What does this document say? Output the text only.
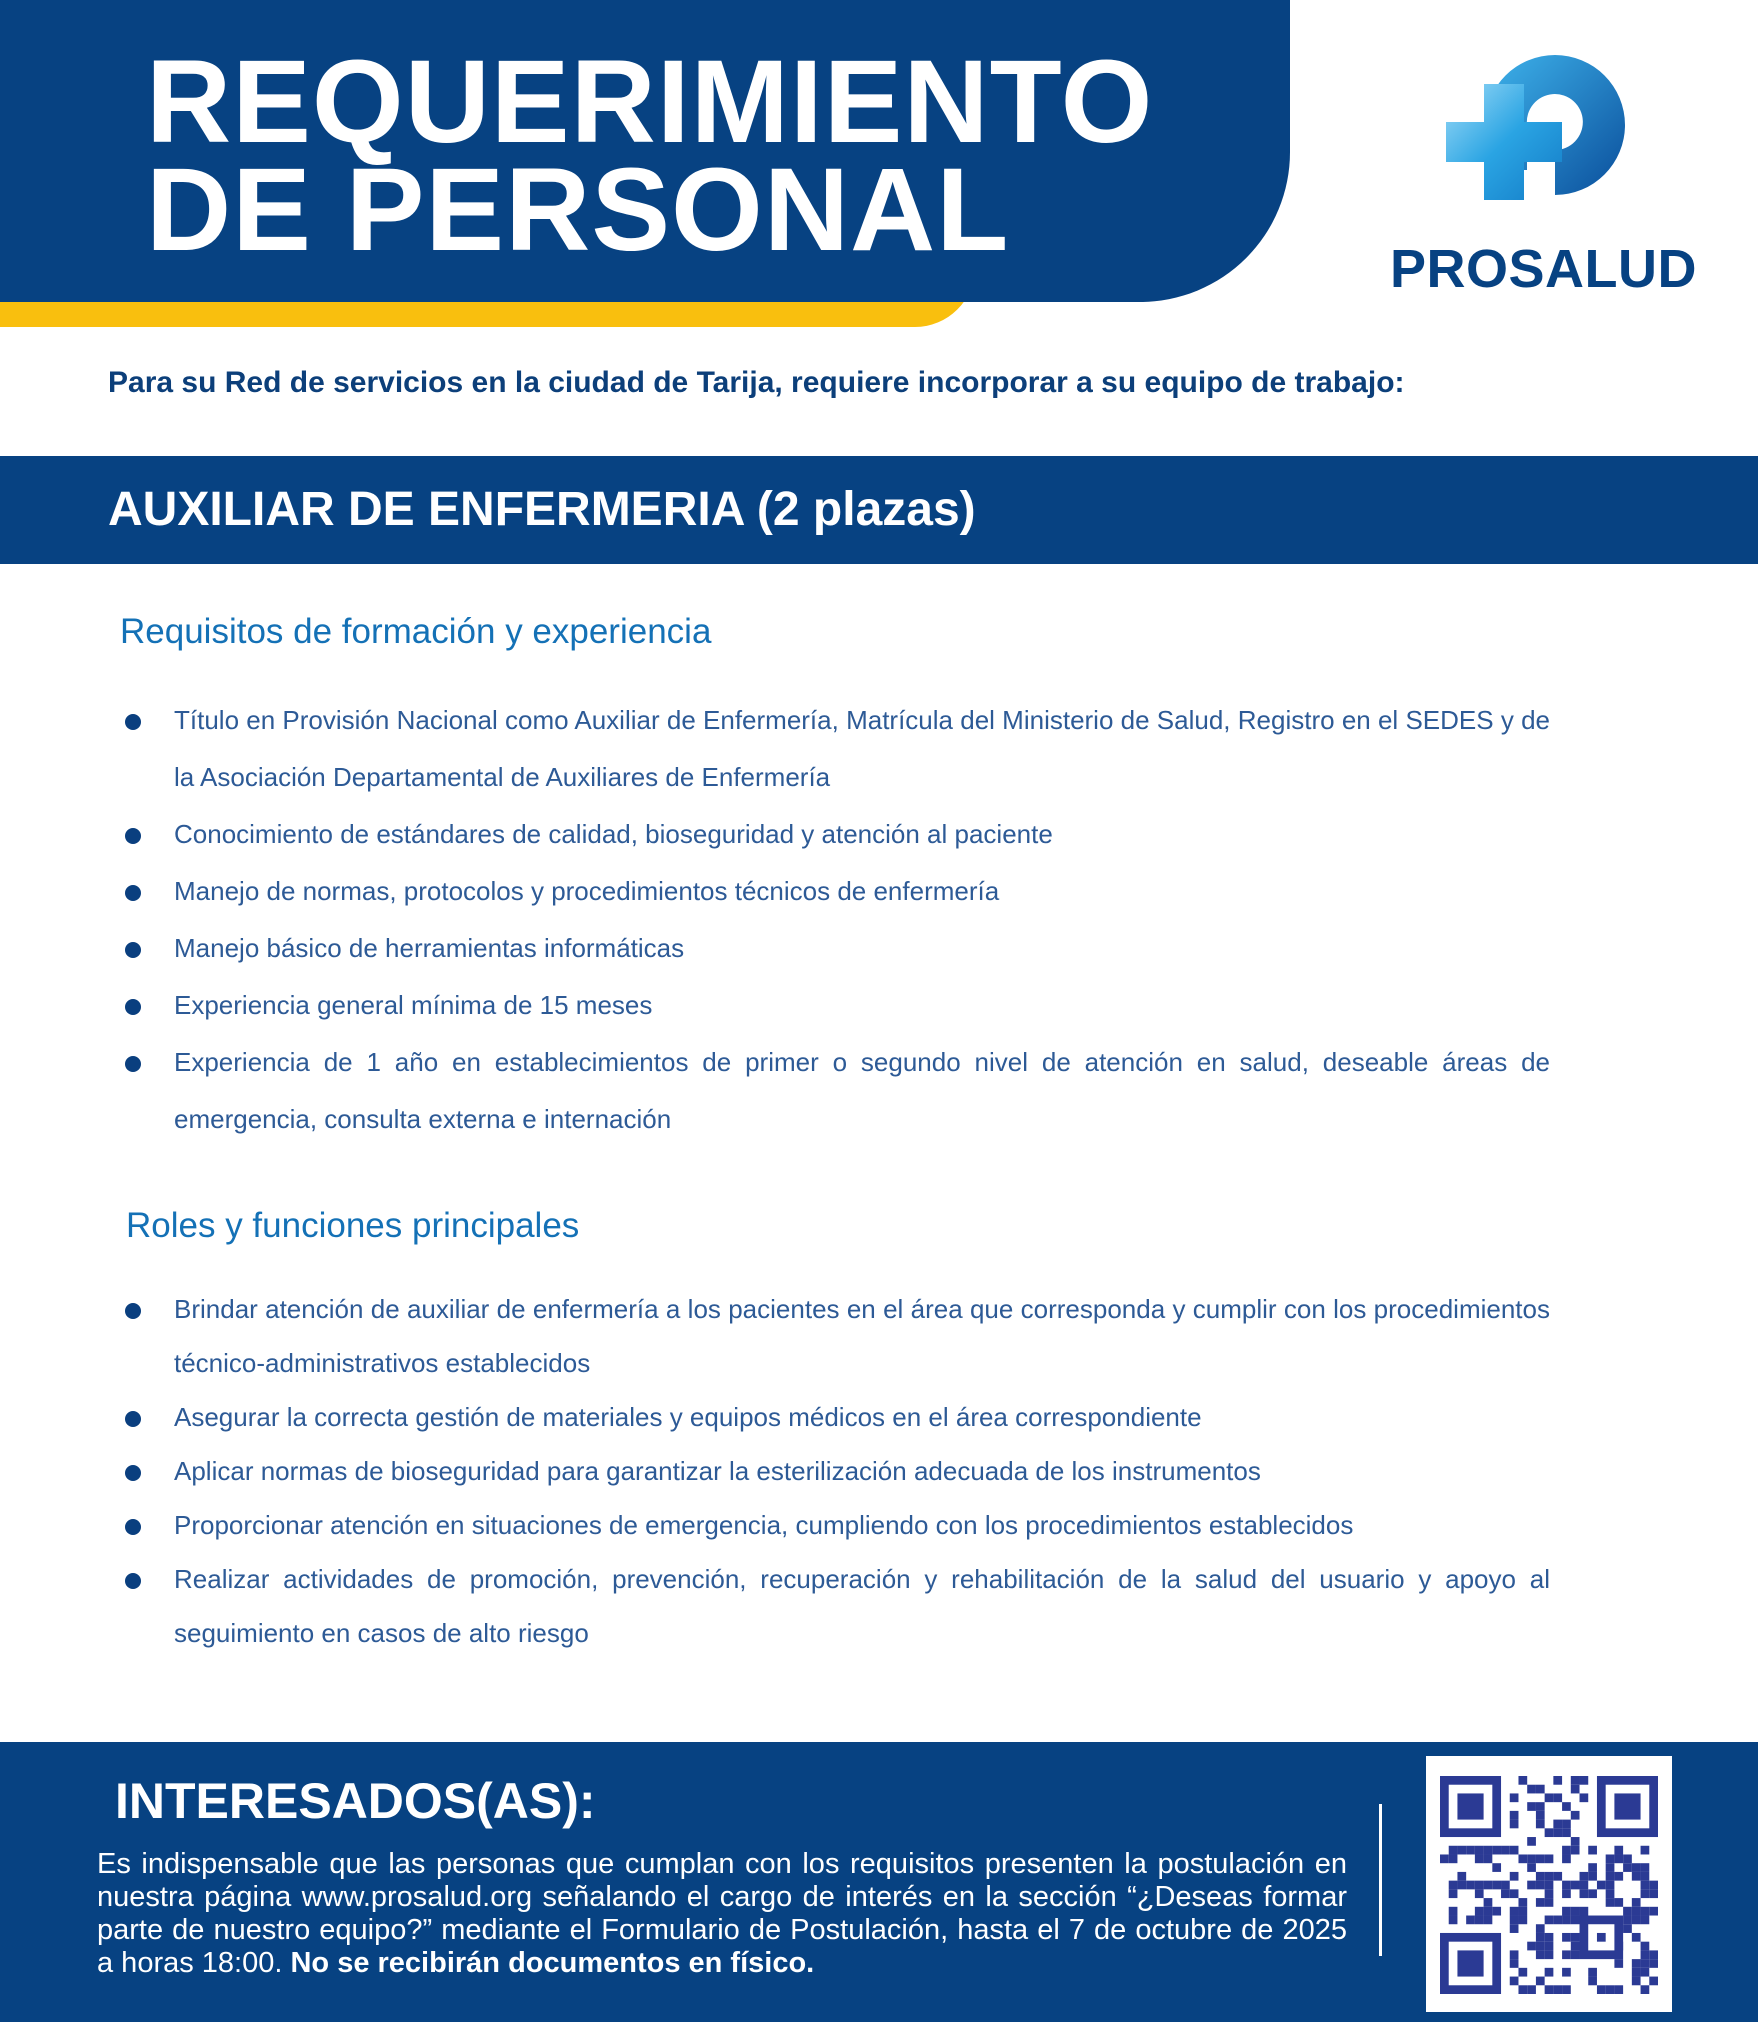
REQUERIMIENTO
DE PERSONAL	PROSALUD

Para su Red de servicios en la ciudad de Tarija, requiere incorporar a su equipo de trabajo:

AUXILIAR DE ENFERMERIA (2 plazas)
Requisitos de formación y experiencia
Título en Provisión Nacional como Auxiliar de Enfermería, Matrícula del Ministerio de Salud, Registro en el SEDES y de la Asociación Departamental de Auxiliares de Enfermería
Conocimiento de estándares de calidad, bioseguridad y atención al paciente
Manejo de normas, protocolos y procedimientos técnicos de enfermería
Manejo básico de herramientas informáticas
Experiencia general mínima de 15 meses
Experiencia de 1 año en establecimientos de primer o segundo nivel de atención en salud, deseable áreas de emergencia, consulta externa e internación
Roles y funciones principales
Brindar atención de auxiliar de enfermería a los pacientes en el área que corresponda y cumplir con los procedimientos técnico-administrativos establecidos
Asegurar la correcta gestión de materiales y equipos médicos en el área correspondiente
Aplicar normas de bioseguridad para garantizar la esterilización adecuada de los instrumentos
Proporcionar atención en situaciones de emergencia, cumpliendo con los procedimientos establecidos
Realizar actividades de promoción, prevención, recuperación y rehabilitación de la salud del usuario y apoyo al seguimiento en casos de alto riesgo
INTERESADOS(AS):

Es indispensable que las personas que cumplan con los requisitos presenten la postulación en nuestra página www.prosalud.org señalando el cargo de interés en la sección “¿Deseas formar parte de nuestro equipo?” mediante el Formulario de Postulación, hasta el 7 de octubre de 2025 a horas 18:00. No se recibirán documentos en físico.
